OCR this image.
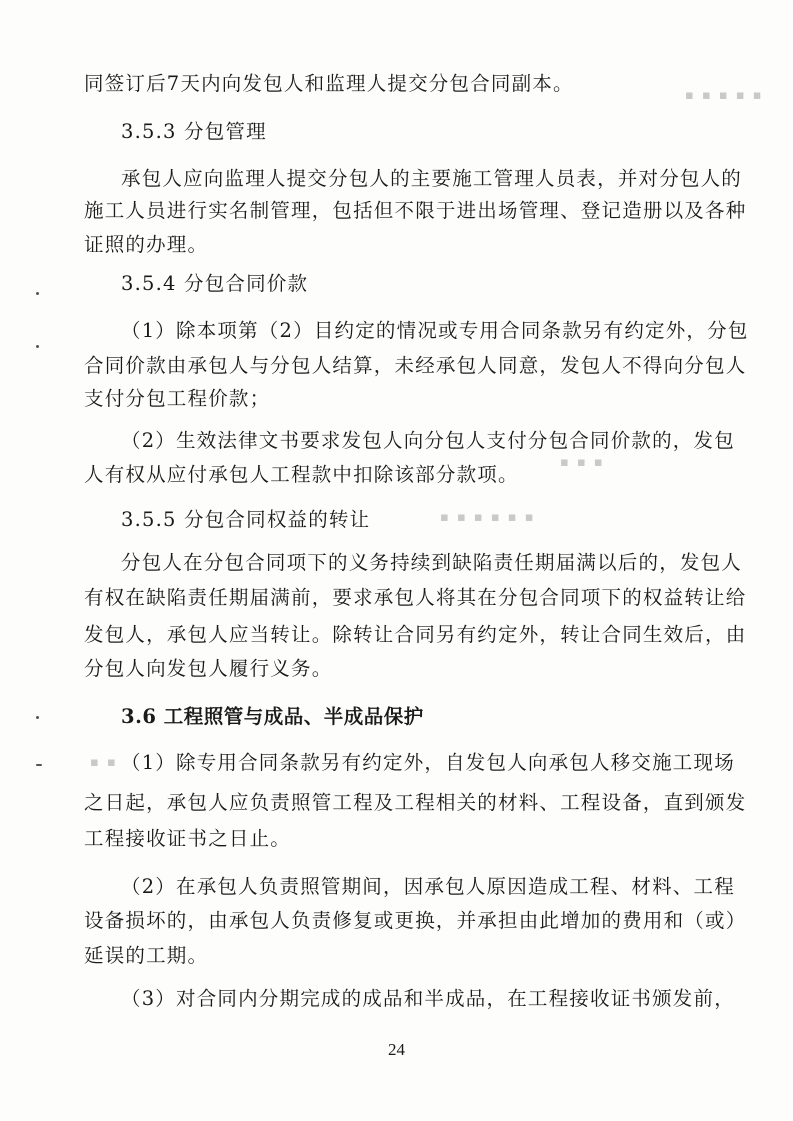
▪ ▪ ▪ ▪ ▪
▪ ▪ ▪
▪ ▪ ▪ ▪ ▪ ▪
▪ ▪
同签订后7天内向发包人和监理人提交分包合同副本。
3.5.3 分包管理
承包人应向监理人提交分包人的主要施工管理人员表，并对分包人的
施工人员进行实名制管理，包括但不限于进出场管理、登记造册以及各种
证照的办理。
3.5.4 分包合同价款
（1）除本项第（2）目约定的情况或专用合同条款另有约定外，分包
合同价款由承包人与分包人结算，未经承包人同意，发包人不得向分包人
支付分包工程价款；
（2）生效法律文书要求发包人向分包人支付分包合同价款的，发包
人有权从应付承包人工程款中扣除该部分款项。
3.5.5 分包合同权益的转让
分包人在分包合同项下的义务持续到缺陷责任期届满以后的，发包人
有权在缺陷责任期届满前，要求承包人将其在分包合同项下的权益转让给
发包人，承包人应当转让。除转让合同另有约定外，转让合同生效后，由
分包人向发包人履行义务。
3.6 工程照管与成品、半成品保护
（1）除专用合同条款另有约定外，自发包人向承包人移交施工现场
之日起，承包人应负责照管工程及工程相关的材料、工程设备，直到颁发
工程接收证书之日止。
（2）在承包人负责照管期间，因承包人原因造成工程、材料、工程
设备损坏的，由承包人负责修复或更换，并承担由此增加的费用和（或）
延误的工期。
（3）对合同内分期完成的成品和半成品，在工程接收证书颁发前，
24
